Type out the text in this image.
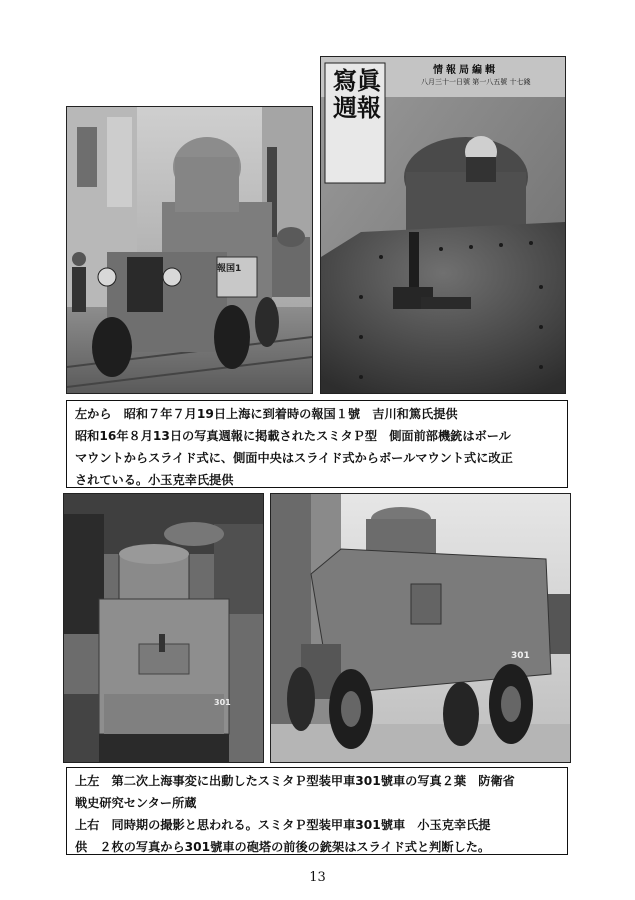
報国1
寫眞週報
情報局編輯
八月三十一日號 第一八五號 十七錢
左から　昭和７年７月19日上海に到着時の報国１號　吉川和篤氏提供
昭和16年８月13日の写真週報に掲載されたスミタＰ型　側面前部機銃はボール
マウントからスライド式に、側面中央はスライド式からボールマウント式に改正
されている。小玉克幸氏提供
301
301
上左　第二次上海事変に出動したスミタＰ型装甲車301號車の写真２葉　防衛省
戦史研究センター所蔵
上右　同時期の撮影と思われる。スミタＰ型装甲車301號車　小玉克幸氏提
供　２枚の写真から301號車の砲塔の前後の銃架はスライド式と判断した。
13
